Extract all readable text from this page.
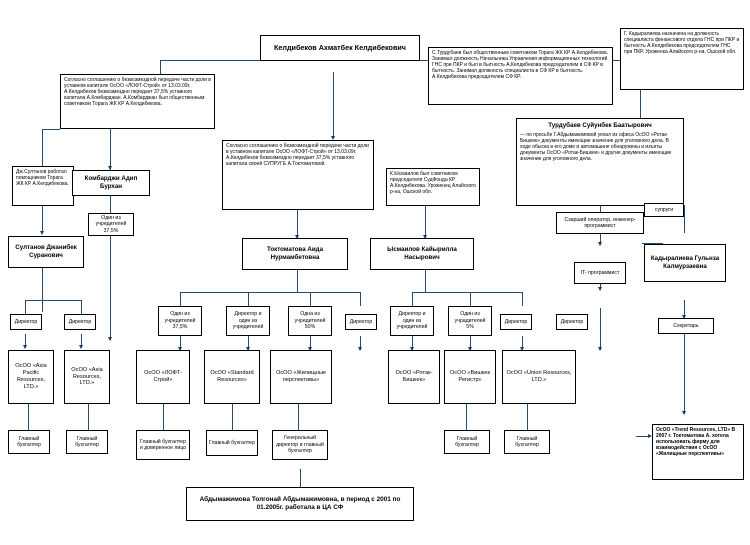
Келдибеков Ахматбек Келдибекович
Согласно соглашению о безвозмездной передаче части доли в уставном капитале ОсОО «ЛОФТ-Строй» от 13.03.09г. А.Келдибеков безвозмездно передает 37,5% уставного капитала А.Комбарджан. А.Комбарджан был общественным советником Торага ЖК КР А.Келдибекова.
С.Турдубаев был общественным советником Торага ЖК КР А.Келдибекова. Занимал должность Начальника Управления информационных технологий ГНС при ПКР и был в бытность А.Келдибекова председателем в СФ КР в бытность. Занимал должность специалиста в СФ КР в бытность. А.Келдибекова председателем СФ КР.
Г. Кадыралиева назначена на должность специалиста финансового отдела ГНС при ПКР и бытность А.Келдибекова председателем ГНС при ПКР. Уроженка Алайского р-на, Ошской обл.
Согласно соглашению о безвозмездной передаче части доли в уставном капитале ОсОО «ЛОФТ-Строй» от 13.03.09г. А.Келдибеков безвозмездно передает 37,5% уставного капитала своей СУПРУГЕ А.Токтоматовой.
Дж.Султанов работал помощником Торага ЖК КР А.Келдибекова.
К.Ысмаилов был советником председателя СудФонда КР А.Келдибекова. Уроженец Алайского р-на, Ошской обл.
Турдубаев Суйунбек Баатырович
— по просьбе Г.Абдымажимовой уехал из офиса ОсОО «Ротак-Бишкек» документы имеющие значение для уголовного дела. В ходе обыска в его доме и автомашине обнаружены и изъяты документы ОсОО «Ротак-Бишкек» и другие документы имеющие значение для уголовного дела.
Комбарджи Адип Бурхан
Султанов Джанибек Суранович
Токтоматова Аида Нурмамбетовна
Ысмаилов Кайырилла Насырович	Кадыралиева Гульнза Калмурзаевна
Сзарший оператор, инженер-программист
IT- программист
супруги
Секретарь
Один из учредителей 37,5%
Один из учредителей 37,5%
Директор и один из учредителей
Одна из учредителей 50%
Директор и один из учредителей
Один из учрадителей 5%
Директор	Директор	Директор	Директор	Директор
ОсОО «Asia Pacific Resources, LTD.»
ОсОО «Asia Resources, LTD.»
ОсОО «ЛОФТ-Строй»
ОсОО «Standard Resources»
ОсОО «Жилищные перспективы»
ОсОО «Ротак-Бишкек»
ОсОО «Вишкек Регистр»
ОсОО «Union Resources, LTD.»
Главный бухгалтер
Главный бухгалтер
Главный бухгалтер и доверенное лицо
Главный бухгалтер
Генеральный директор и главный бухгалтер
Главный бухгалтер
Главный бухгалтер
ОсОО «Trend Resources, LTD» В 2007 г. Токтоматова А. хотела использовать фирму для взаимодействия с ОсОО «Жилищные перспективы»
Абдымажимова Толгонай Абдымажимовна, в период с 2001 по 01.2005г. работала в ЦА СФ
